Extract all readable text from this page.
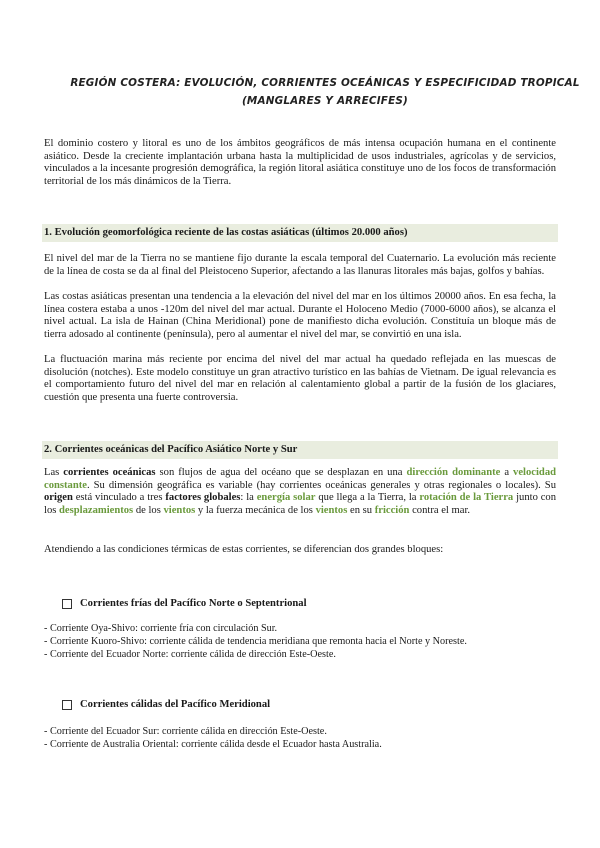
REGIÓN COSTERA: EVOLUCIÓN, CORRIENTES OCEÁNICAS Y ESPECIFICIDAD TROPICAL (MANGLARES Y ARRECIFES)

El dominio costero y litoral es uno de los ámbitos geográficos de más intensa ocupación humana en el continente asiático. Desde la creciente implantación urbana hasta la multiplicidad de usos industriales, agrícolas y de servicios, vinculados a la incesante progresión demográfica, la región litoral asiática constituye uno de los focos de transformación territorial de los más dinámicos de la Tierra.

1. Evolución geomorfológica reciente de las costas asiáticas (últimos 20.000 años)

El nivel del mar de la Tierra no se mantiene fijo durante la escala temporal del Cuaternario. La evolución más reciente de la línea de costa se da al final del Pleistoceno Superior, afectando a las llanuras litorales más bajas, golfos y bahías.

Las costas asiáticas presentan una tendencia a la elevación del nivel del mar en los últimos 20000 años. En esa fecha, la línea costera estaba a unos -120m del nivel del mar actual. Durante el Holoceno Medio (7000-6000 años), se alcanza el nivel actual. La isla de Hainan (China Meridional) pone de manifiesto dicha evolución. Constituía un bloque más de tierra adosado al continente (península), pero al aumentar el nivel del mar, se convirtió en una isla.

La fluctuación marina más reciente por encima del nivel del mar actual ha quedado reflejada en las muescas de disolución (notches). Este modelo constituye un gran atractivo turístico en las bahías de Vietnam. De igual relevancia es el comportamiento futuro del nivel del mar en relación al calentamiento global a partir de la fusión de los glaciares, cuestión que presenta una fuerte controversia.

2. Corrientes oceánicas del Pacífico Asiático Norte y Sur

Las corrientes oceánicas son flujos de agua del océano que se desplazan en una dirección dominante a velocidad constante. Su dimensión geográfica es variable (hay corrientes oceánicas generales y otras regionales o locales). Su origen está vinculado a tres factores globales: la energía solar que llega a la Tierra, la rotación de la Tierra junto con los desplazamientos de los vientos y la fuerza mecánica de los vientos en su fricción contra el mar.

Atendiendo a las condiciones térmicas de estas corrientes, se diferencian dos grandes bloques:

Corrientes frías del Pacífico Norte o Septentrional
- Corriente Oya-Shivo: corriente fría con circulación Sur.
- Corriente Kuoro-Shivo: corriente cálida de tendencia meridiana que remonta hacia el Norte y Noreste.
- Corriente del Ecuador Norte: corriente cálida de dirección Este-Oeste.
Corrientes cálidas del Pacífico Meridional
- Corriente del Ecuador Sur: corriente cálida en dirección Este-Oeste.
- Corriente de Australia Oriental: corriente cálida desde el Ecuador hasta Australia.
